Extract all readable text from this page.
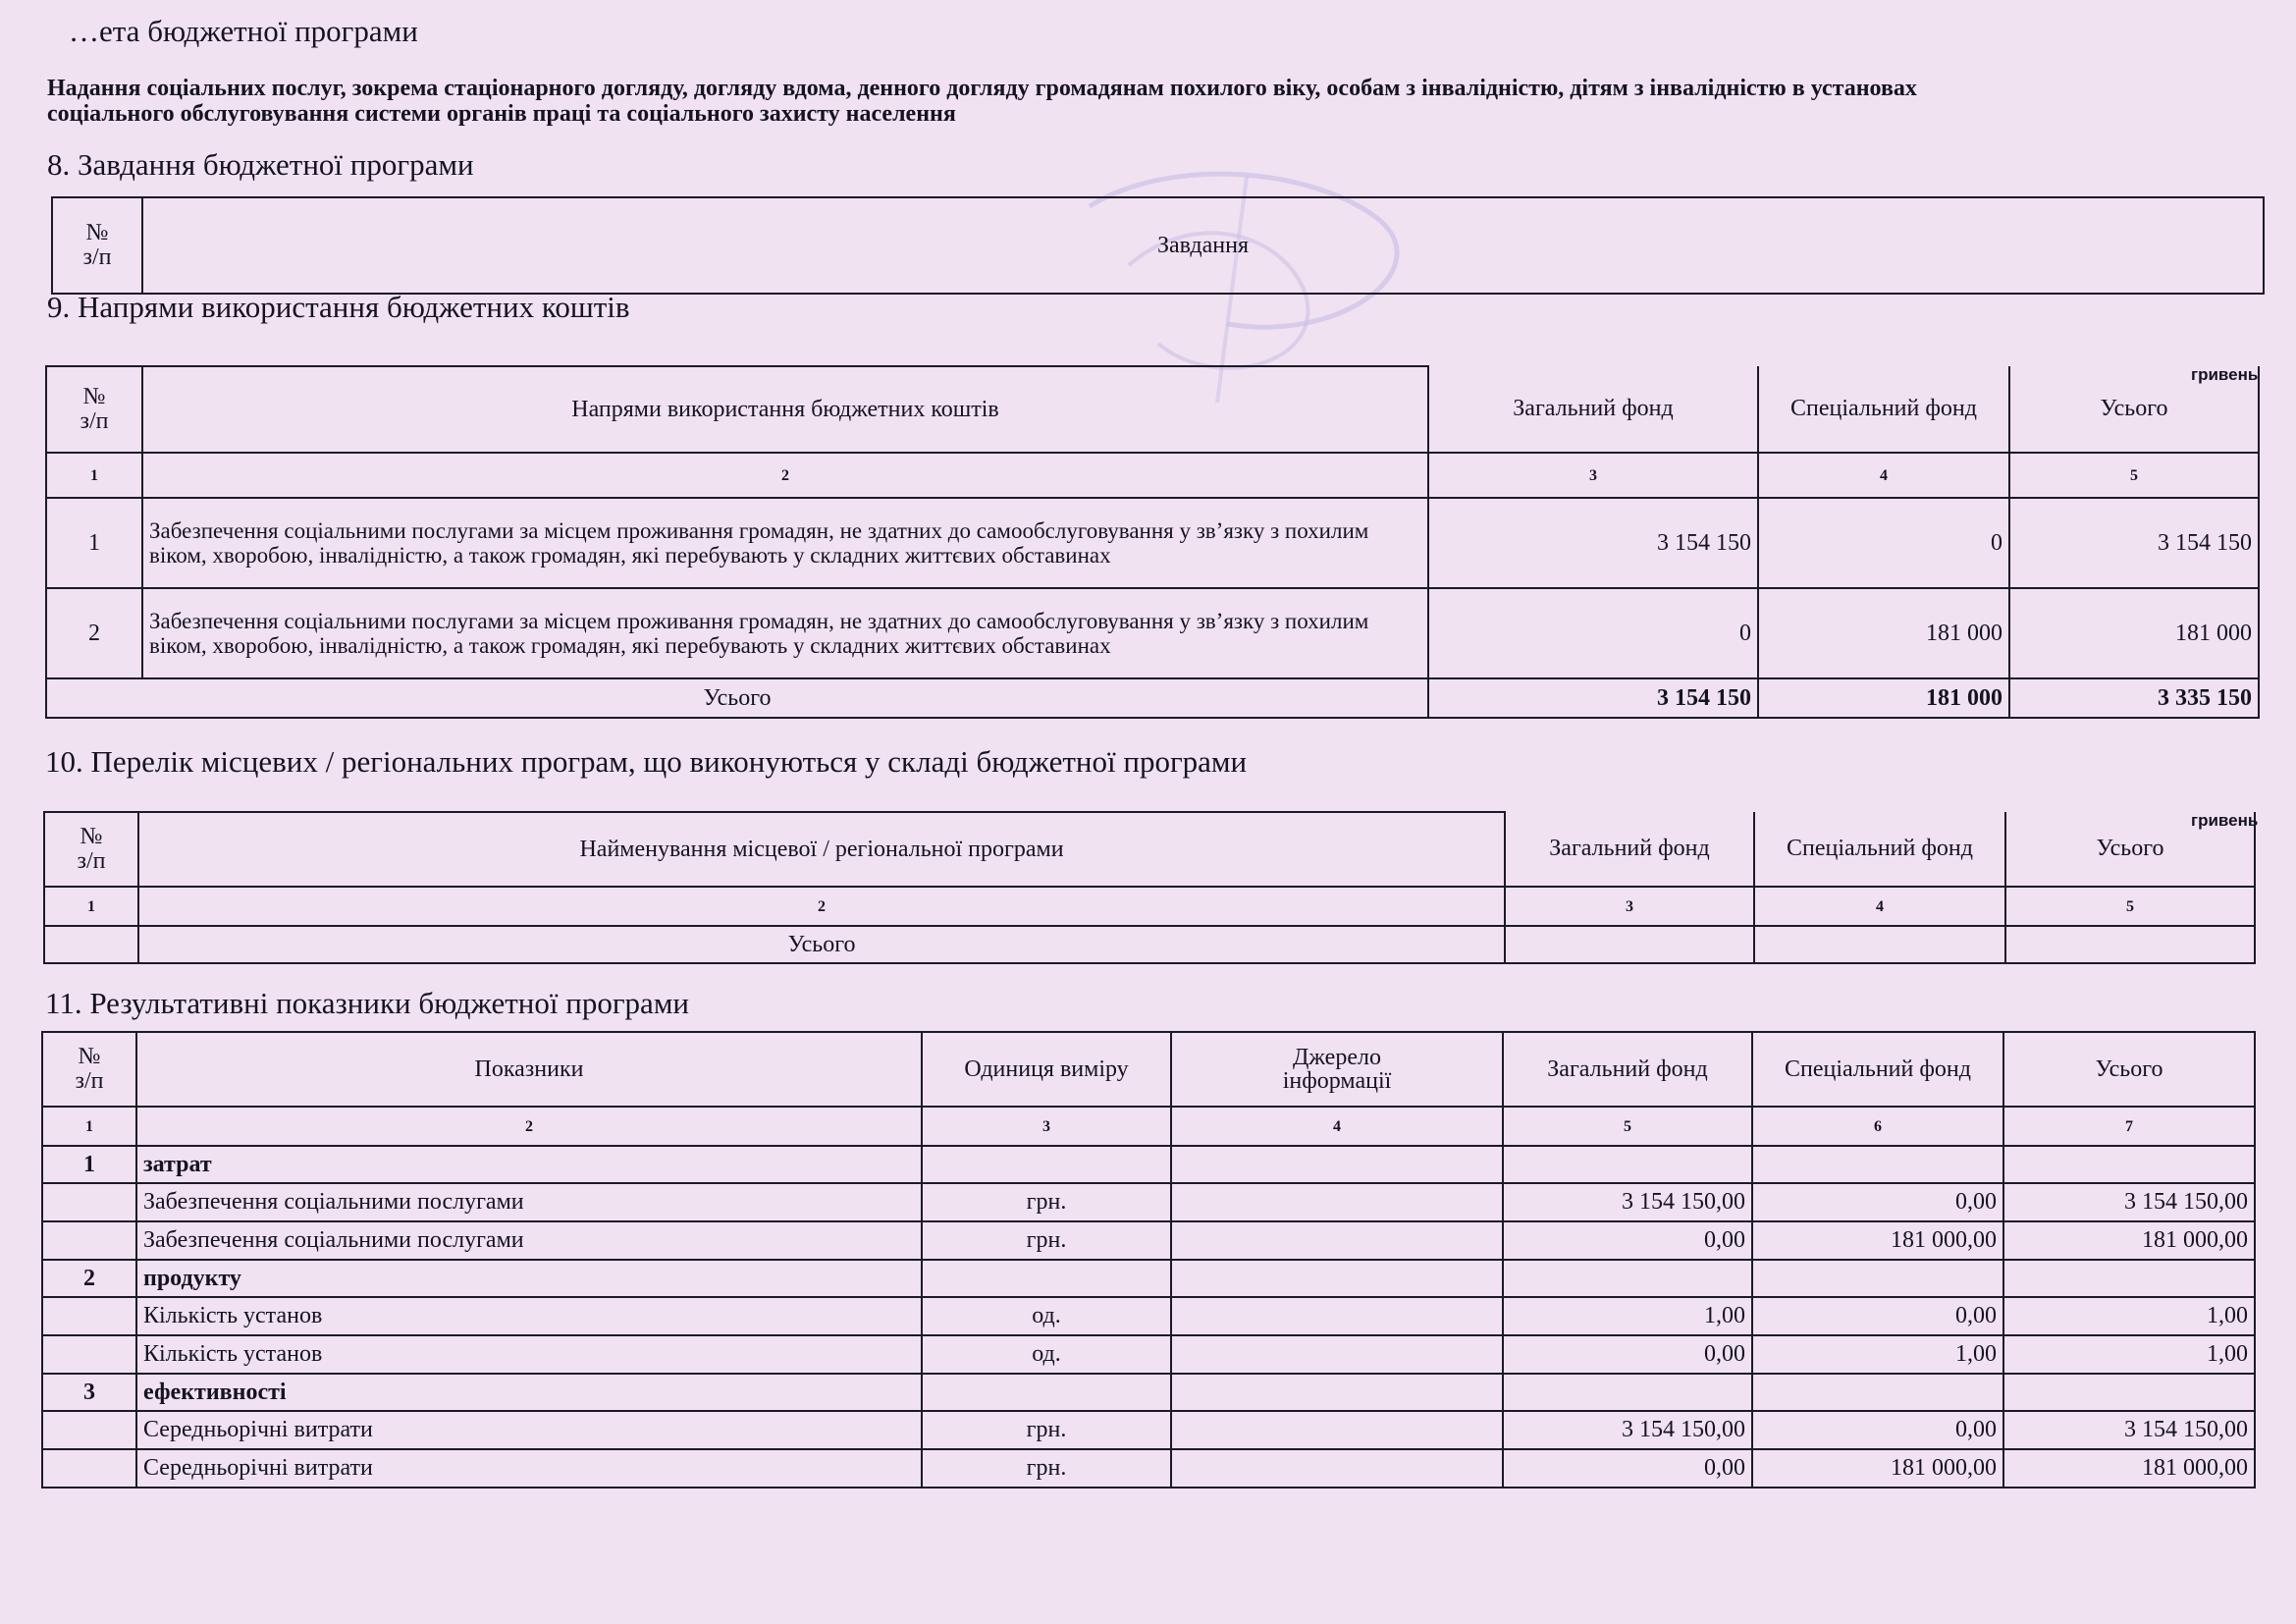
…ета бюджетної програми
Надання соціальних послуг, зокрема стаціонарного догляду, догляду вдома, денного догляду громадянам похилого віку, особам з інвалідністю, дітям з інвалідністю в установах
соціального обслуговування системи органів праці та соціального захисту населення
8. Завдання бюджетної програми
№
з/п	Завдання
9. Напрями використання бюджетних коштів
гривень
№
з/п	Напрями використання бюджетних коштів	Загальний фонд	Спеціальний фонд	Усього
1	2	3	4	5
1	Забезпечення соціальними послугами за місцем проживання громадян, не здатних до самообслуговування у зв’язку з похилим віком, хворобою, інвалідністю, а також громадян, які перебувають у складних життєвих обставинах	3 154 150	0	3 154 150
2	Забезпечення соціальними послугами за місцем проживання громадян, не здатних до самообслуговування у зв’язку з похилим віком, хворобою, інвалідністю, а також громадян, які перебувають у складних життєвих обставинах	0	181 000	181 000
Усього		3 154 150	181 000	3 335 150
10. Перелік місцевих / регіональних програм, що виконуються у складі бюджетної програми
гривень
№
з/п	Найменування місцевої / регіональної програми	Загальний фонд	Спеціальний фонд	Усього
1	2	3	4	5
	Усього			
11. Результативні показники бюджетної програми
№
з/п	Показники	Одиниця виміру	Джерело
інформації	Загальний фонд	Спеціальний фонд	Усього
1	2	3	4	5	6	7
1	затрат					
	Забезпечення соціальними послугами	грн.		3 154 150,00	0,00	3 154 150,00
	Забезпечення соціальними послугами	грн.		0,00	181 000,00	181 000,00
2	продукту					
	Кількість установ	од.		1,00	0,00	1,00
	Кількість установ	од.		0,00	1,00	1,00
3	ефективності					
	Середньорічні витрати	грн.		3 154 150,00	0,00	3 154 150,00
	Середньорічні витрати	грн.		0,00	181 000,00	181 000,00
